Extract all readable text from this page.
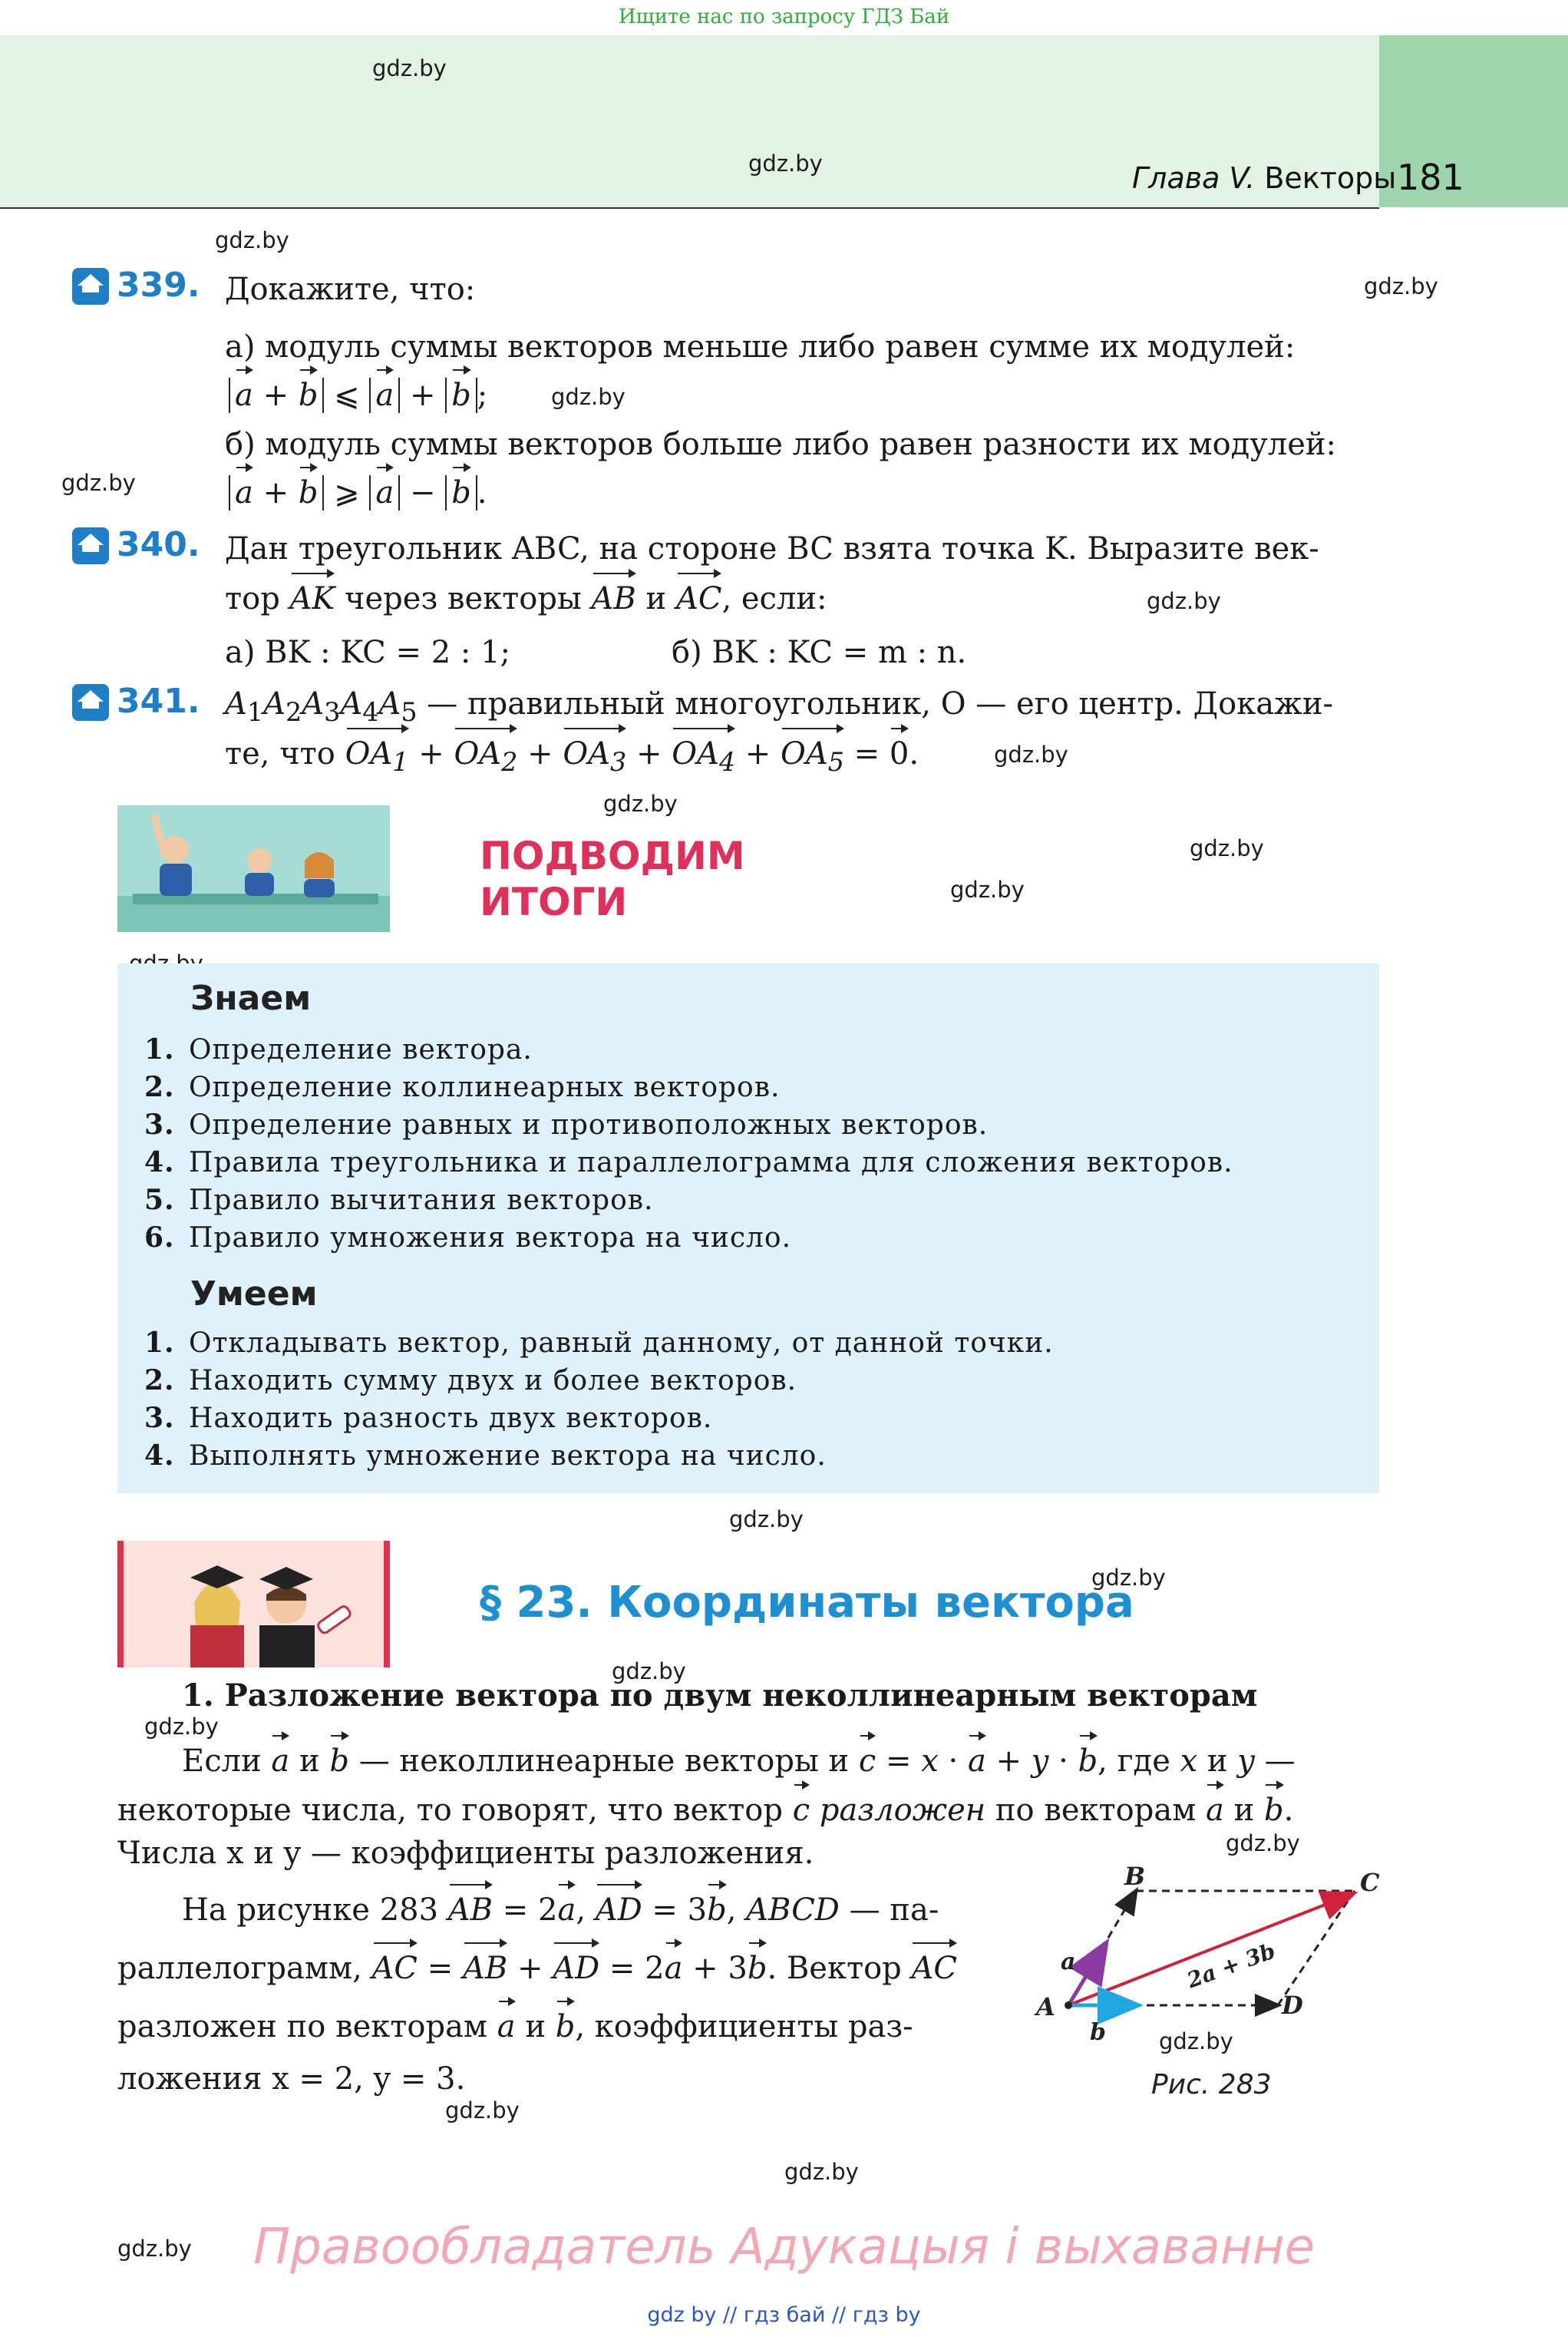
Ищите нас по запросу ГДЗ Бай
Глава V. Векторы 181
gdz.by
gdz.by
gdz.by
gdz.by
gdz.by
gdz.by
gdz.by
gdz.by
gdz.by
gdz.by
gdz.by
gdz.by
gdz.by
gdz.by
gdz.by
gdz.by
gdz.by
gdz.by
gdz.by
gdz.by
339. Докажите, что:
а) модуль суммы векторов меньше либо равен сумме их модулей:
a + b ⩽ a + b ;
б) модуль суммы векторов больше либо равен разности их модулей:
a + b ⩾ a − b .
340. Дан треугольник ABC, на стороне BC взята точка K. Выразите век-
тор AK через векторы AB и AC, если:
а) BK : KC = 2 : 1;	б) BK : KC = m : n.
341. $A_1A_2A_3A_4A_5$ — правильный многоугольник, O — его центр. Докажи-
те, что $OA_1 + OA_2 + OA_3 + OA_4 + OA_5 = 0$.
ПОДВОДИМ
ИТОГИ
Знаем
1. Определение вектора.
2. Определение коллинеарных векторов.
3. Определение равных и противоположных векторов.
4. Правила треугольника и параллелограмма для сложения векторов.
5. Правило вычитания векторов.
6. Правило умножения вектора на число.
Умеем
1. Откладывать вектор, равный данному, от данной точки.
2. Находить сумму двух и более векторов.
3. Находить разность двух векторов.
4. Выполнять умножение вектора на число.
§ 23. Координаты вектора
1. Разложение вектора по двум неколлинеарным векторам
Если a и b — неколлинеарные векторы и c = x · a + y · b, где x и y —
некоторые числа, то говорят, что вектор c разложен по векторам a и b.
Числа x и y — коэффициенты разложения.
На рисунке 283 AB = 2a, AD = 3b, ABCD — па-
раллелограмм, AC = AB + AD = 2a + 3b. Вектор AC
разложен по векторам a и b, коэффициенты раз-
ложения x = 2, y = 3.
A
B	C
D
a
b
2a + 3b
Рис. 283
Правообладатель Адукацыя і выхаванне
gdz by // гдз бай // гдз by
